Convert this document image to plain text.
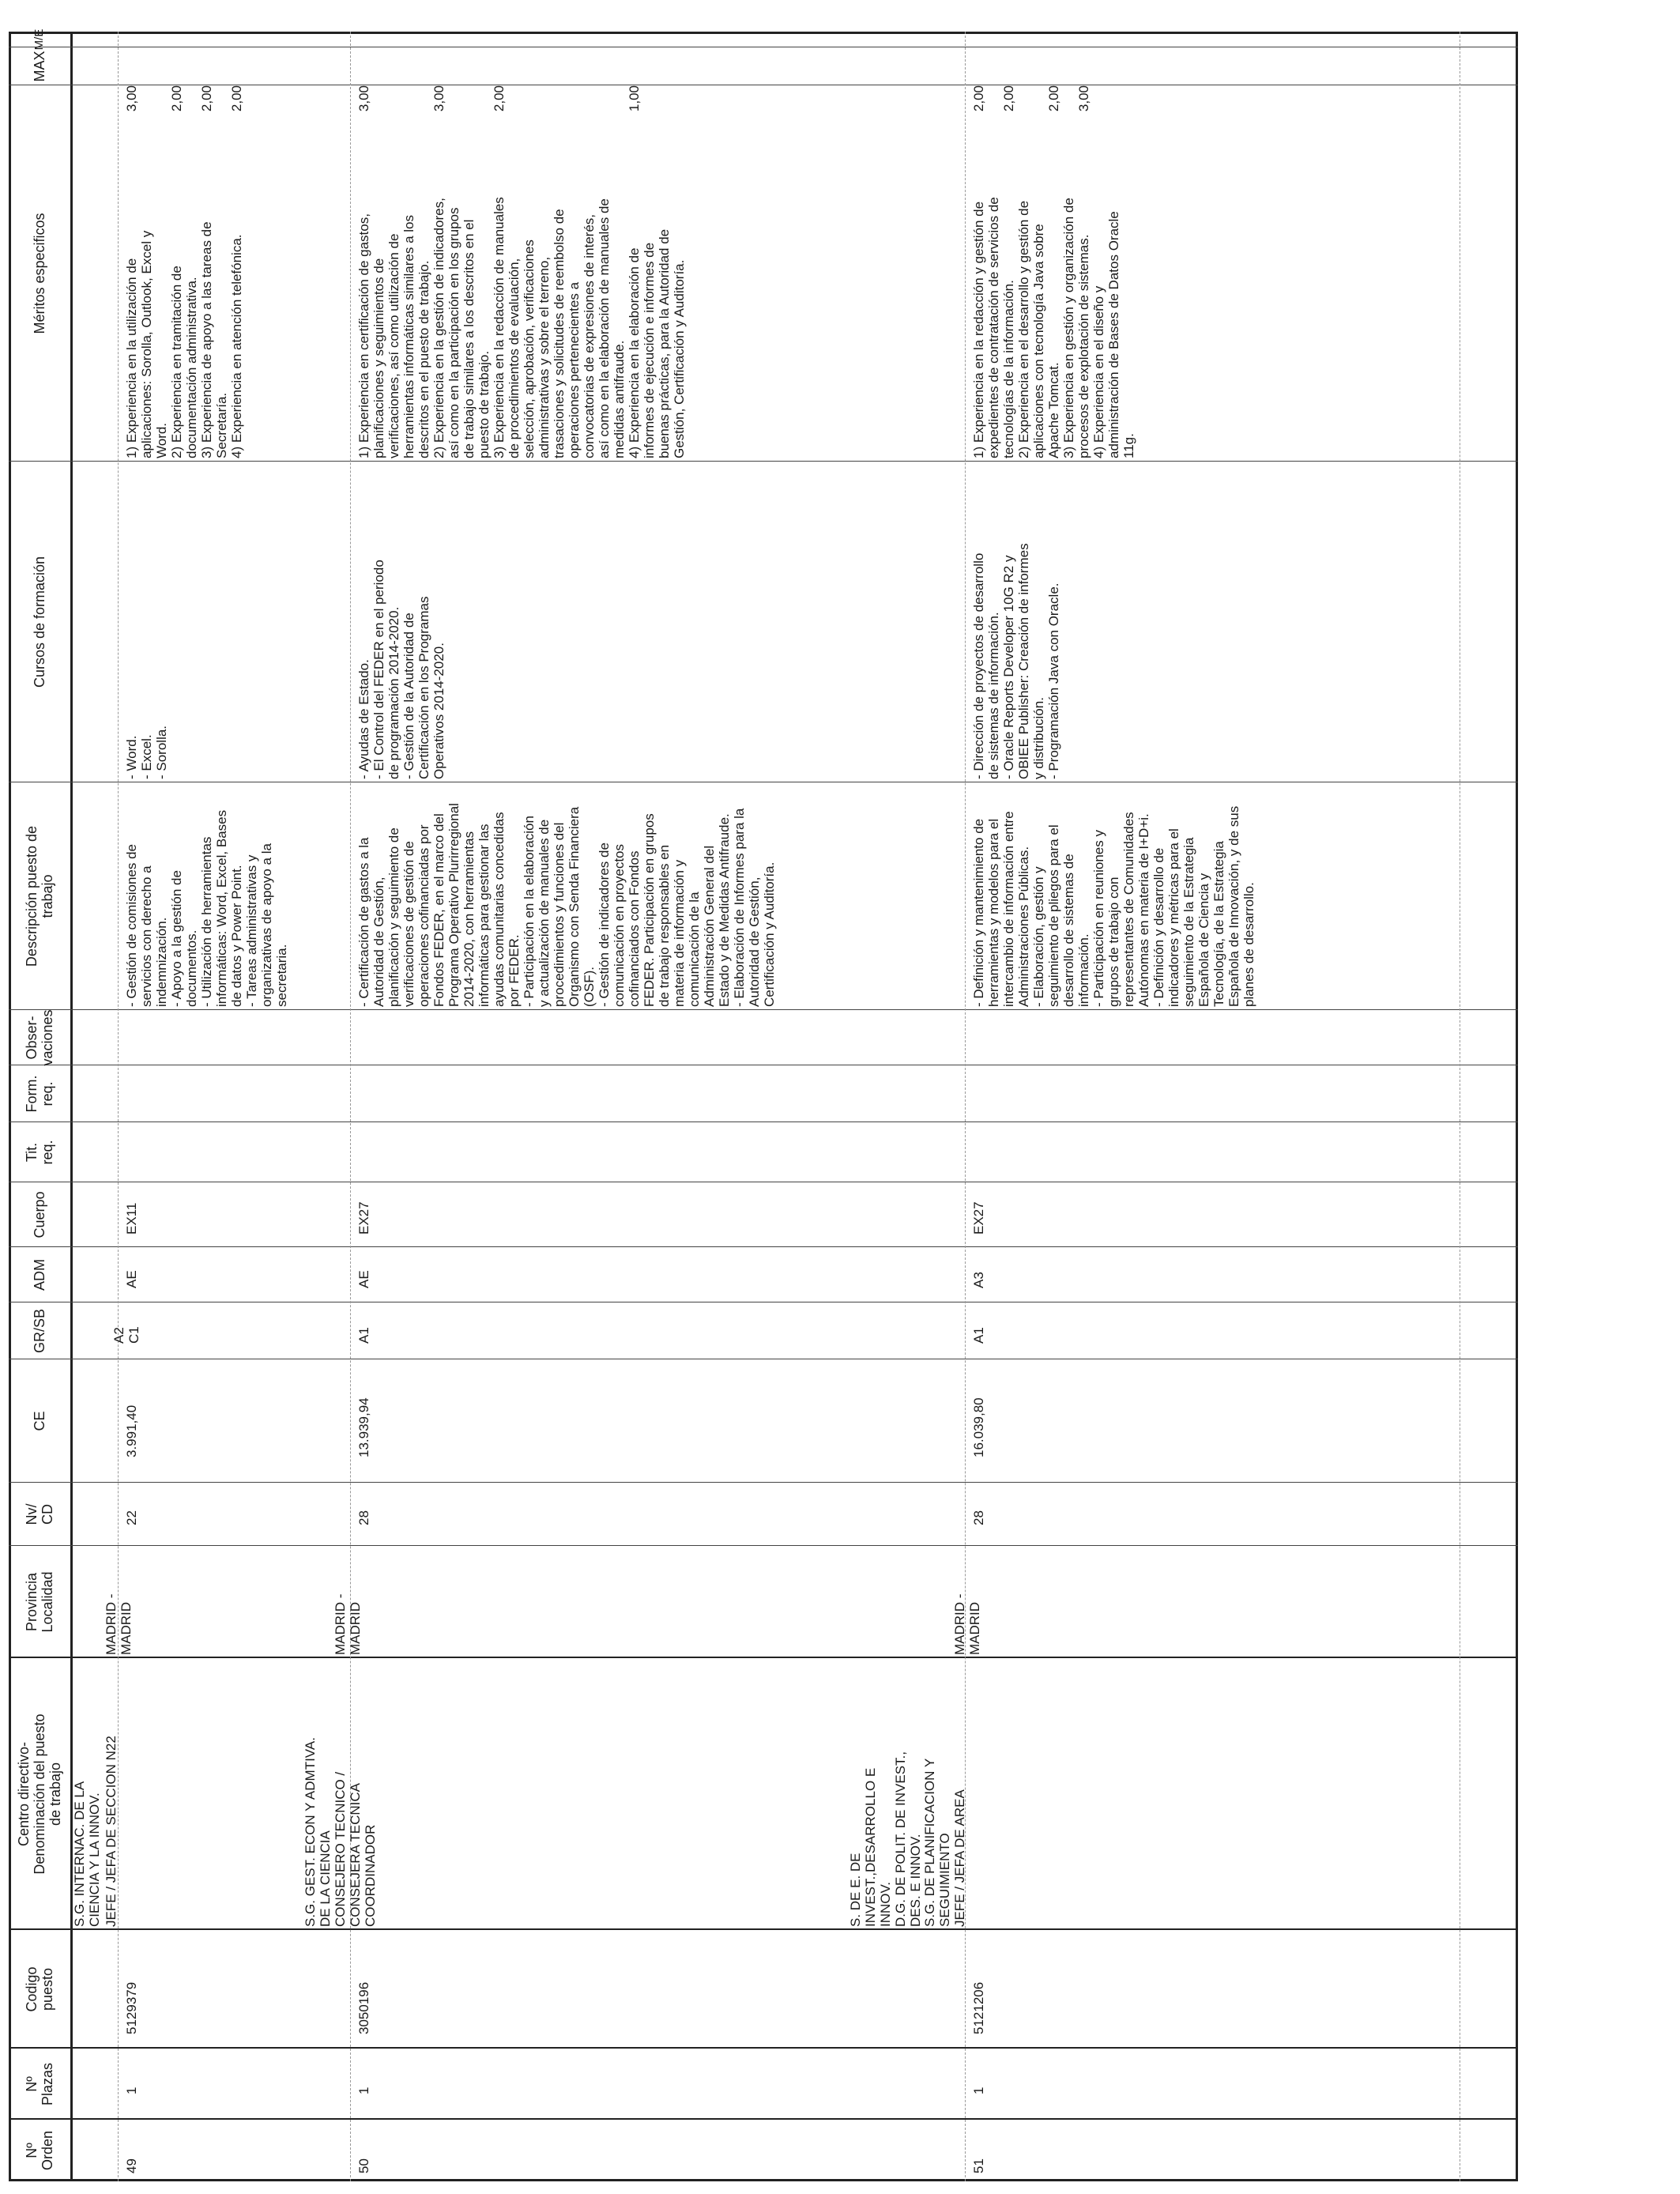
Nº
Orden
Nº
Plazas
Codigo
puesto
Centro directivo-
Denominación del puesto
de trabajo
Provincia
Localidad
Nv/
CD
CE
GR/SB
ADM
Cuerpo
Tit.
req.
Form.
req.
Obser-
vaciones
Descripción puesto de
trabajo
Cursos de formación
Méritos especificos
MAX
M/E
S.G. INTERNAC. DE LA
CIENCIA Y LA INNOV.
S.G. GEST. ECON Y ADMTIVA.
DE LA CIENCIA
S. DE E. DE
INVEST.,DESARROLLO E
INNOV.
D.G. DE POLIT. DE INVEST.,
DES. E INNOV.
S.G. DE PLANIFICACION Y
SEGUIMIENTO
49
1
5129379
JEFE / JEFA DE SECCION N22
MADRID -
MADRID
22
3.991,40
A2
C1
AE
EX11
- Gestión de comisiones de
servicios con derecho a
indemnización.
- Apoyo a la gestión de
documentos.
- Utilización de herramientas
informáticas: Word, Excel, Bases
de datos y Power Point.
- Tareas administrativas y
organizativas de apoyo a la
secretaria.
- Word.
- Excel.
- Sorolla.
1) Experiencia en la utilización de
aplicaciones: Sorolla, Outlook, Excel y
Word.
2) Experiencia en tramitación de
documentación administrativa.
3) Experiencia de apoyo a las tareas de
Secretaría.
4) Experiencia en atención telefónica.
3,00

2,00

2,00

2,00
50
1
3050196
CONSEJERO TECNICO /
CONSEJERA TECNICA
COORDINADOR
MADRID -
MADRID
28
13.939,94
A1
AE
EX27
- Certificación de gastos a la
Autoridad de Gestión,
planificación y seguimiento de
verificaciones de gestión de
operaciones cofinanciadas por
Fondos FEDER, en el marco del
Programa Operativo Plurirregional
2014-2020, con herramientas
informáticas para gestionar las
ayudas comunitarias concedidas
por FEDER.
- Participación en la elaboración
y actualización de manuales de
procedimientos y funciones del
Organismo con Senda Financiera
(OSF).
- Gestión de indicadores de
comunicación en proyectos
cofinanciados con Fondos
FEDER. Participación en grupos
de trabajo responsables en
materia de información y
comunicación de la
Administración General del
Estado y de Medidas Antifraude.
- Elaboración de Informes para la
Autoridad de Gestión,
Certificación y Auditoría.
- Ayudas de Estado.
- El Control del FEDER en el periodo
de programación 2014-2020.
- Gestión de la Autoridad de
Certificación en los Programas
Operativos 2014-2020.
1) Experiencia en certificación de gastos,
planificaciones y seguimientos de
verificaciones, así como utilización de
herramientas informáticas similares a los
descritos en el puesto de trabajo.
2) Experiencia en la gestión de indicadores,
así como en la participación en los grupos
de trabajo similares a los descritos en el
puesto de trabajo.
3) Experiencia en la redacción de manuales
de procedimientos de evaluación,
selección, aprobación, verificaciones
administrativas y sobre el terreno,
trasaciones y solicitudes de reembolso de
operaciones pertenecientes a
convocatorias de expresiones de interés,
así como en la elaboración de manuales de
medidas antifraude.
4) Experiencia en la elaboración de
informes de ejecución e informes de
buenas prácticas, para la Autoridad de
Gestión, Certificación y Auditoría.
3,00

3,00

2,00

1,00
51
1
5121206
JEFE / JEFA DE AREA
MADRID -
MADRID
28
16.039,80
A1
A3
EX27
- Definición y mantenimiento de
herramientas y modelos para el
intercambio de información entre
Administraciones Públicas.
- Elaboración, gestión y
seguimiento de pliegos para el
desarrollo de sistemas de
información.
- Participación en reuniones y
grupos de trabajo con
representantes de Comunidades
Autónomas en materia de I+D+i.
- Definición y desarrollo de
indicadores y métricas para el
seguimiento de la Estrategia
Española de Ciencia y
Tecnología, de la Estrategia
Española de Innovación, y de sus
planes de desarrollo.
- Dirección de proyectos de desarrollo
de sistemas de información.
- Oracle Reports Developer 10G R2 y
OBIEE Publisher: Creación de informes
y distribución.
- Programación Java con Oracle.
1) Experiencia en la redacción y gestión de
expedientes de contratación de servicios de
tecnologías de la información.
2) Experiencia en el desarrollo y gestión de
aplicaciones con tecnología Java sobre
Apache Tomcat.
3) Experiencia en gestión y organización de
procesos de explotación de sistemas.
4) Experiencia en el diseño y
administración de Bases de Datos Oracle
11g.
2,00

2,00

2,00

3,00
